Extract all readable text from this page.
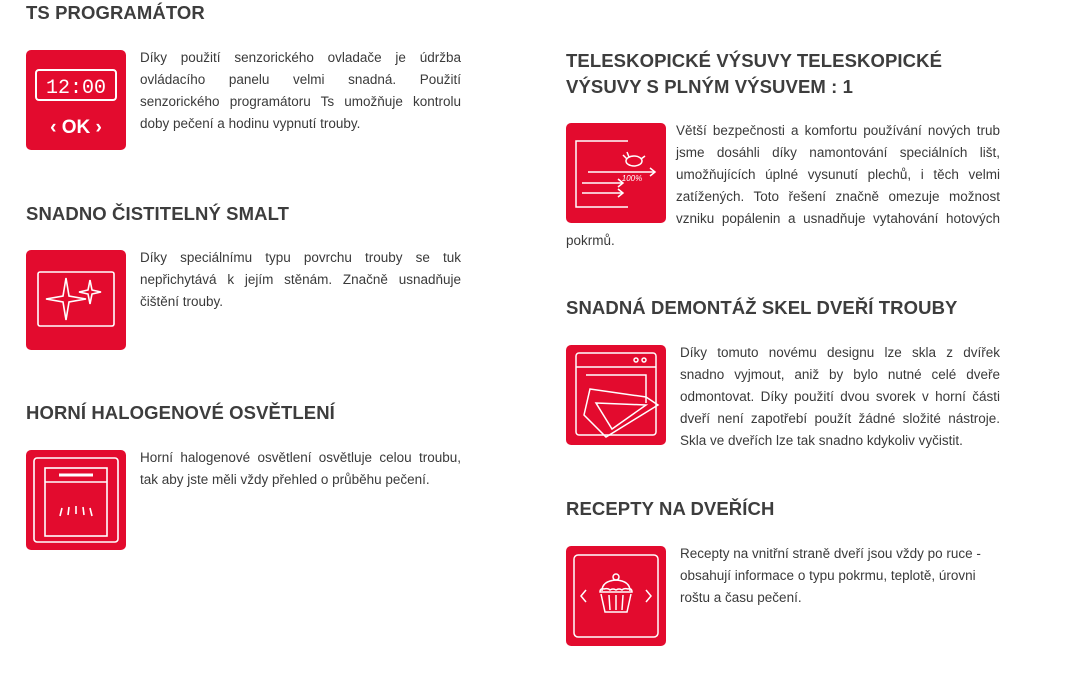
TS PROGRAMÁTOR
12:00
‹ OK ›

Díky použití senzorického ovladače je údržba ovládacího panelu velmi snadná. Použití senzorického programátoru Ts umožňuje kontrolu doby pečení a hodinu vypnutí trouby.

SNADNO ČISTITELNÝ SMALT

Díky speciálnímu typu povrchu trouby se tuk nepřichytává k jejím stěnám. Značně usnadňuje čištění trouby.

HORNÍ HALOGENOVÉ OSVĚTLENÍ

Horní halogenové osvětlení osvětluje celou troubu, tak aby jste měli vždy přehled o průběhu pečení.

TELESKOPICKÉ VÝSUVY TELESKOPICKÉ VÝSUVY S PLNÝM VÝSUVEM : 1
100%

Větší bezpečnosti a komfortu používání nových trub jsme dosáhli díky namontování speciálních lišt, umožňujících úplné vysunutí plechů, i těch velmi zatížených. Toto řešení značně omezuje možnost vzniku popálenin a usnadňuje vytahování hotových pokrmů.

SNADNÁ DEMONTÁŽ SKEL DVEŘÍ TROUBY

Díky tomuto novému designu lze skla z dvířek snadno vyjmout, aniž by bylo nutné celé dveře odmontovat. Díky použití dvou svorek v horní části dveří není zapotřebí použít žádné složité nástroje. Skla ve dveřích lze tak snadno kdykoliv vyčistit.

RECEPTY NA DVEŘÍCH

Recepty na vnitřní straně dveří jsou vždy po ruce - obsahují informace o typu pokrmu, teplotě, úrovni roštu a času pečení.
